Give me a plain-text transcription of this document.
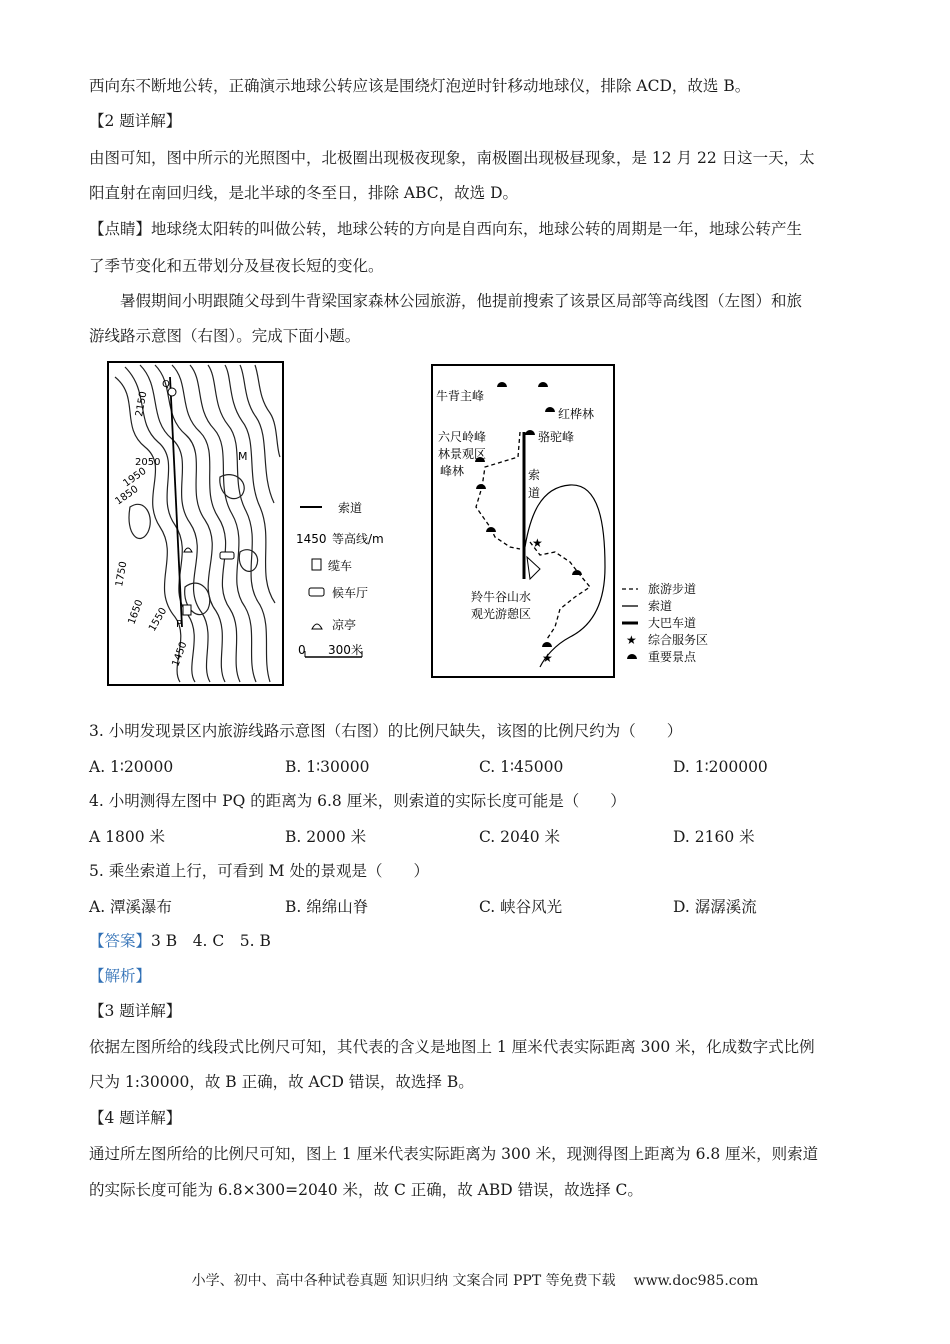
西向东不断地公转，正确演示地球公转应该是围绕灯泡逆时针移动地球仪，排除 ACD，故选 B。
【2 题详解】
由图可知，图中所示的光照图中，北极圈出现极夜现象，南极圈出现极昼现象，是 12 月 22 日这一天，太
阳直射在南回归线，是北半球的冬至日，排除 ABC，故选 D。
【点睛】地球绕太阳转的叫做公转，地球公转的方向是自西向东，地球公转的周期是一年，地球公转产生
了季节变化和五带划分及昼夜长短的变化。
暑假期间小明跟随父母到牛背梁国家森林公园旅游，他提前搜索了该景区局部等高线图（左图）和旅
游线路示意图（右图）。完成下面小题。
2150
2050
1950
1850
1750
1650 1550
1450
M
P
Q
索道
1450 等高线/m
缆车
候车厅
凉亭
0 300米
★
★
牛背主峰
红桦林
骆驼峰
六尺岭峰
林景观区
峰林	索
道
羚牛谷山水
观光游憩区
旅游步道
索道
大巴车道
★ 综合服务区
重要景点
3. 小明发现景区内旅游线路示意图（右图）的比例尺缺失，该图的比例尺约为（　　）
A. 1∶20000	B. 1∶30000	C. 1∶45000	D. 1∶200000
4. 小明测得左图中 PQ 的距离为 6.8 厘米，则索道的实际长度可能是（　　）
A 1800 米	B. 2000 米	C. 2040 米	D. 2160 米
5. 乘坐索道上行，可看到 M 处的景观是（　　）
A. 潭溪瀑布	B. 绵绵山脊	C. 峡谷风光	D. 潺潺溪流
【答案】3 B　4. C　5. B
【解析】
【3 题详解】
依据左图所给的线段式比例尺可知，其代表的含义是地图上 1 厘米代表实际距离 300 米，化成数字式比例
尺为 1:30000，故 B 正确，故 ACD 错误，故选择 B。
【4 题详解】
通过所左图所给的比例尺可知，图上 1 厘米代表实际距离为 300 米，现测得图上距离为 6.8 厘米，则索道
的实际长度可能为 6.8×300=2040 米，故 C 正确，故 ABD 错误，故选择 C。
小学、初中、高中各种试卷真题 知识归纳 文案合同 PPT 等免费下载 www.doc985.com
